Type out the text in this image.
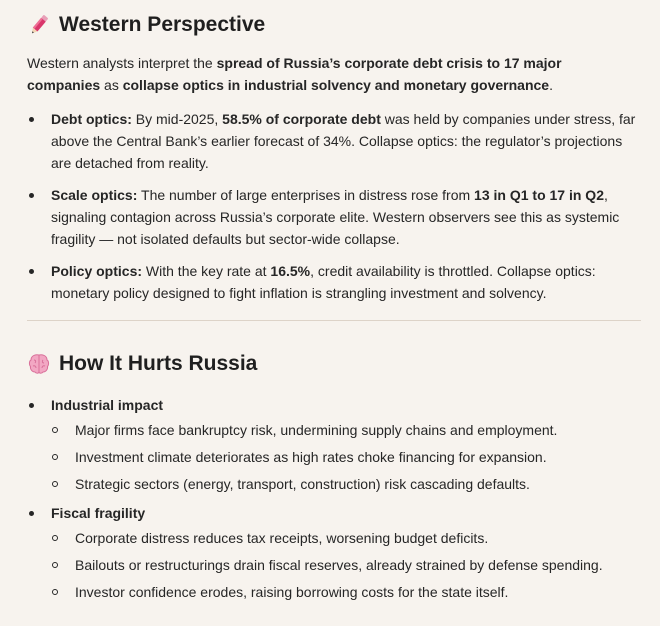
Western Perspective

Western analysts interpret the spread of Russia’s corporate debt crisis to 17 major companies as collapse optics in industrial solvency and monetary governance.

Debt optics: By mid-2025, 58.5% of corporate debt was held by companies under stress, far above the Central Bank’s earlier forecast of 34%. Collapse optics: the regulator’s projections are detached from reality.
Scale optics: The number of large enterprises in distress rose from 13 in Q1 to 17 in Q2, signaling contagion across Russia’s corporate elite. Western observers see this as systemic fragility — not isolated defaults but sector-wide collapse.
Policy optics: With the key rate at 16.5%, credit availability is throttled. Collapse optics: monetary policy designed to fight inflation is strangling investment and solvency.
How It Hurts Russia
Industrial impact
Major firms face bankruptcy risk, undermining supply chains and employment.
Investment climate deteriorates as high rates choke financing for expansion.
Strategic sectors (energy, transport, construction) risk cascading defaults.
Fiscal fragility
Corporate distress reduces tax receipts, worsening budget deficits.
Bailouts or restructurings drain fiscal reserves, already strained by defense spending.
Investor confidence erodes, raising borrowing costs for the state itself.
